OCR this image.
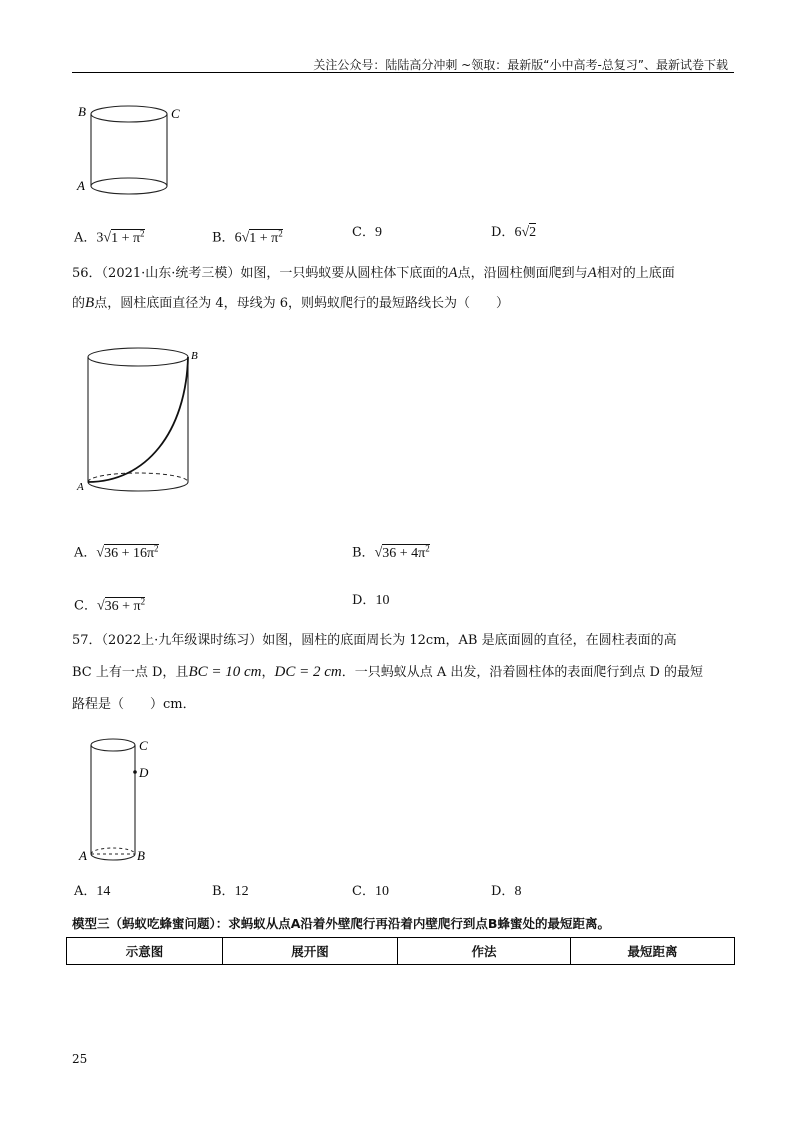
关注公众号：陆陆高分冲刺 ~领取：最新版“小中高考-总复习”、最新试卷下载
B	C
A
A．$3√1 + \pi^2$	B．$6√1 + \pi^2$	C．9	D．6√2
56．（2021·山东·统考三模）如图，一只蚂蚁要从圆柱体下底面的A点，沿圆柱侧面爬到与A相对的上底面
的B点，圆柱底面直径为 4，母线为 6，则蚂蚁爬行的最短路线长为（　　）
B
A
A．$√36 + 16\pi^2$	B．$√36 + 4\pi^2$
C．$√36 + \pi^2$	D．10
57．（2022上·九年级课时练习）如图，圆柱的底面周长为 12cm，AB 是底面圆的直径，在圆柱表面的高
BC 上有一点 D，且BC = 10 cm，DC = 2 cm．一只蚂蚁从点 A 出发，沿着圆柱体的表面爬行到点 D 的最短
路程是（　　）cm．
C
D
A	B
A．14	B．12	C．10	D．8
模型三（蚂蚁吃蜂蜜问题）：求蚂蚁从点A沿着外壁爬行再沿着内壁爬行到点B蜂蜜处的最短距离。
示意图	展开图	作法	最短距离
25
